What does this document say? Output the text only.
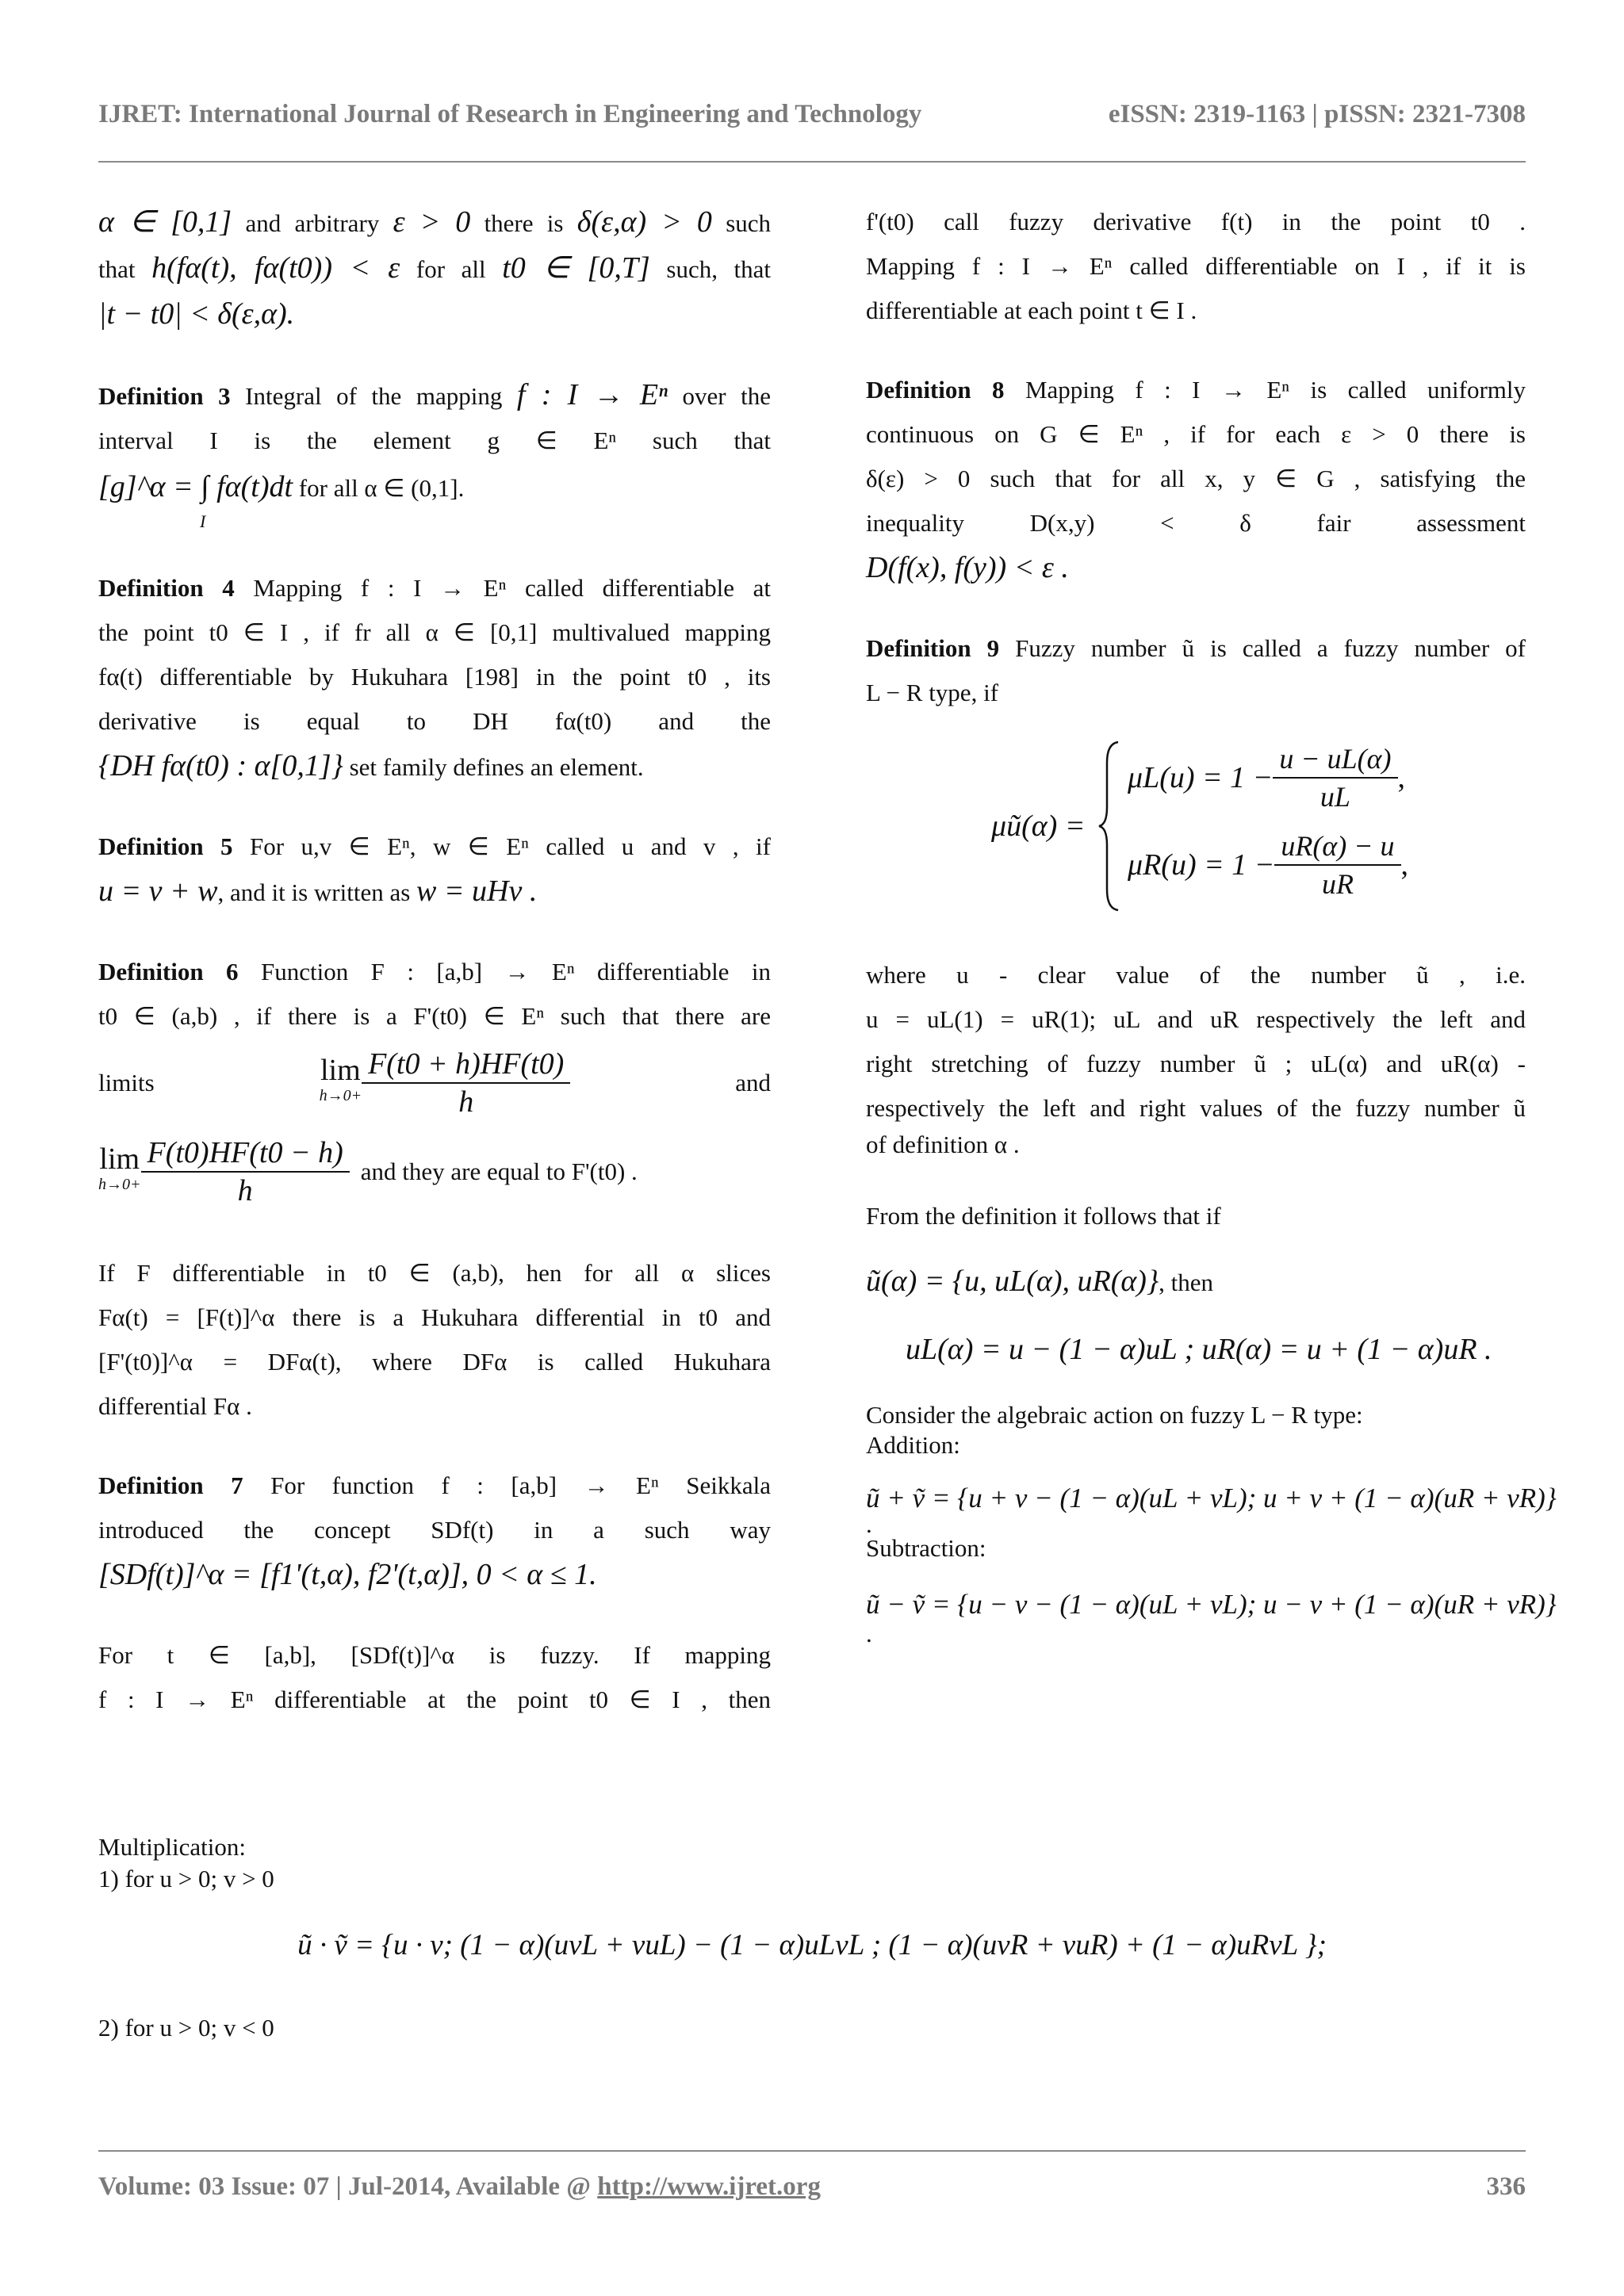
IJRET: International Journal of Research in Engineering and Technology	eISSN: 2319-1163 | pISSN: 2321-7308

α ∈ [0,1] and arbitrary ε > 0 there is δ(ε,α) > 0 such

that h(fα(t), fα(t0)) < ε for all t0 ∈ [0,T] such, that

|t − t0| < δ(ε,α).

Definition 3 Integral of the mapping f : I → Eⁿ over the

interval I is the element g ∈ Eⁿ such that

[g]^α = ∫ fα(t)dt for all α ∈ (0,1].

I

Definition 4 Mapping f : I → Eⁿ called differentiable at

the point t0 ∈ I , if fr all α ∈ [0,1] multivalued mapping

fα(t) differentiable by Hukuhara [198] in the point t0 , its

derivative is equal to DH fα(t0) and the

{DH fα(t0) : α[0,1]} set family defines an element.

Definition 5 For u,v ∈ Eⁿ, w ∈ Eⁿ called u and v , if

u = v + w, and it is written as w = uHv .

Definition 6 Function F : [a,b] → Eⁿ differentiable in

t0 ∈ (a,b) , if there is a F'(t0) ∈ Eⁿ such that there are

limits	lim
$h\to 0+ \frac{F(t0 + h)HF(t0)}{h}$	and
lim
$h\to 0+ \frac{F(t0)HF(t0 - h)}{h}$ and they are equal to F'(t0) .

If F differentiable in t0 ∈ (a,b), hen for all α slices

Fα(t) = [F(t)]^α there is a Hukuhara differential in t0 and

[F'(t0)]^α = DFα(t), where DFα is called Hukuhara

differential Fα .

Definition 7 For function f : [a,b] → Eⁿ Seikkala

introduced the concept SDf(t) in a such way

[SDf(t)]^α = [f1'(t,α), f2'(t,α)], 0 < α ≤ 1.

For t ∈ [a,b], [SDf(t)]^α is fuzzy. If mapping

f : I → Eⁿ differentiable at the point t0 ∈ I , then

f'(t0) call fuzzy derivative f(t) in the point t0 .

Mapping f : I → Eⁿ called differentiable on I , if it is

differentiable at each point t ∈ I .

Definition 8 Mapping f : I → Eⁿ is called uniformly

continuous on G ∈ Eⁿ , if for each ε > 0 there is

δ(ε) > 0 such that for all x, y ∈ G , satisfying the

inequality D(x,y) < δ fair assessment

D(f(x), f(y)) < ε .

Definition 9 Fuzzy number ũ is called a fuzzy number of

L − R type, if

μũ(α) =
$\mu L(u) = 1 - \frac{u - uL(\alpha)}{uL}$ ,
$\mu R(u) = 1 - \frac{uR(\alpha) - u}{uR}$ ,

where u - clear value of the number ũ , i.e.

u = uL(1) = uR(1); uL and uR respectively the left and

right stretching of fuzzy number ũ ; uL(α) and uR(α) -

respectively the left and right values of the fuzzy number ũ

of definition α .

From the definition it follows that if

ũ(α) = {u, uL(α), uR(α)}, then

uL(α) = u − (1 − α)uL ; uR(α) = u + (1 − α)uR .

Consider the algebraic action on fuzzy L − R type:

Addition:

ũ + ṽ = {u + v − (1 − α)(uL + vL); u + v + (1 − α)(uR + vR)}

.

Subtraction:

ũ − ṽ = {u − v − (1 − α)(uL + vL); u − v + (1 − α)(uR + vR)}

.

Multiplication:

1) for u > 0; v > 0

ũ · ṽ = {u · v; (1 − α)(uvL + vuL) − (1 − α)uLvL ; (1 − α)(uvR + vuR) + (1 − α)uRvL };

2) for u > 0; v < 0

Volume: 03 Issue: 07 | Jul-2014, Available @ http://www.ijret.org	336
